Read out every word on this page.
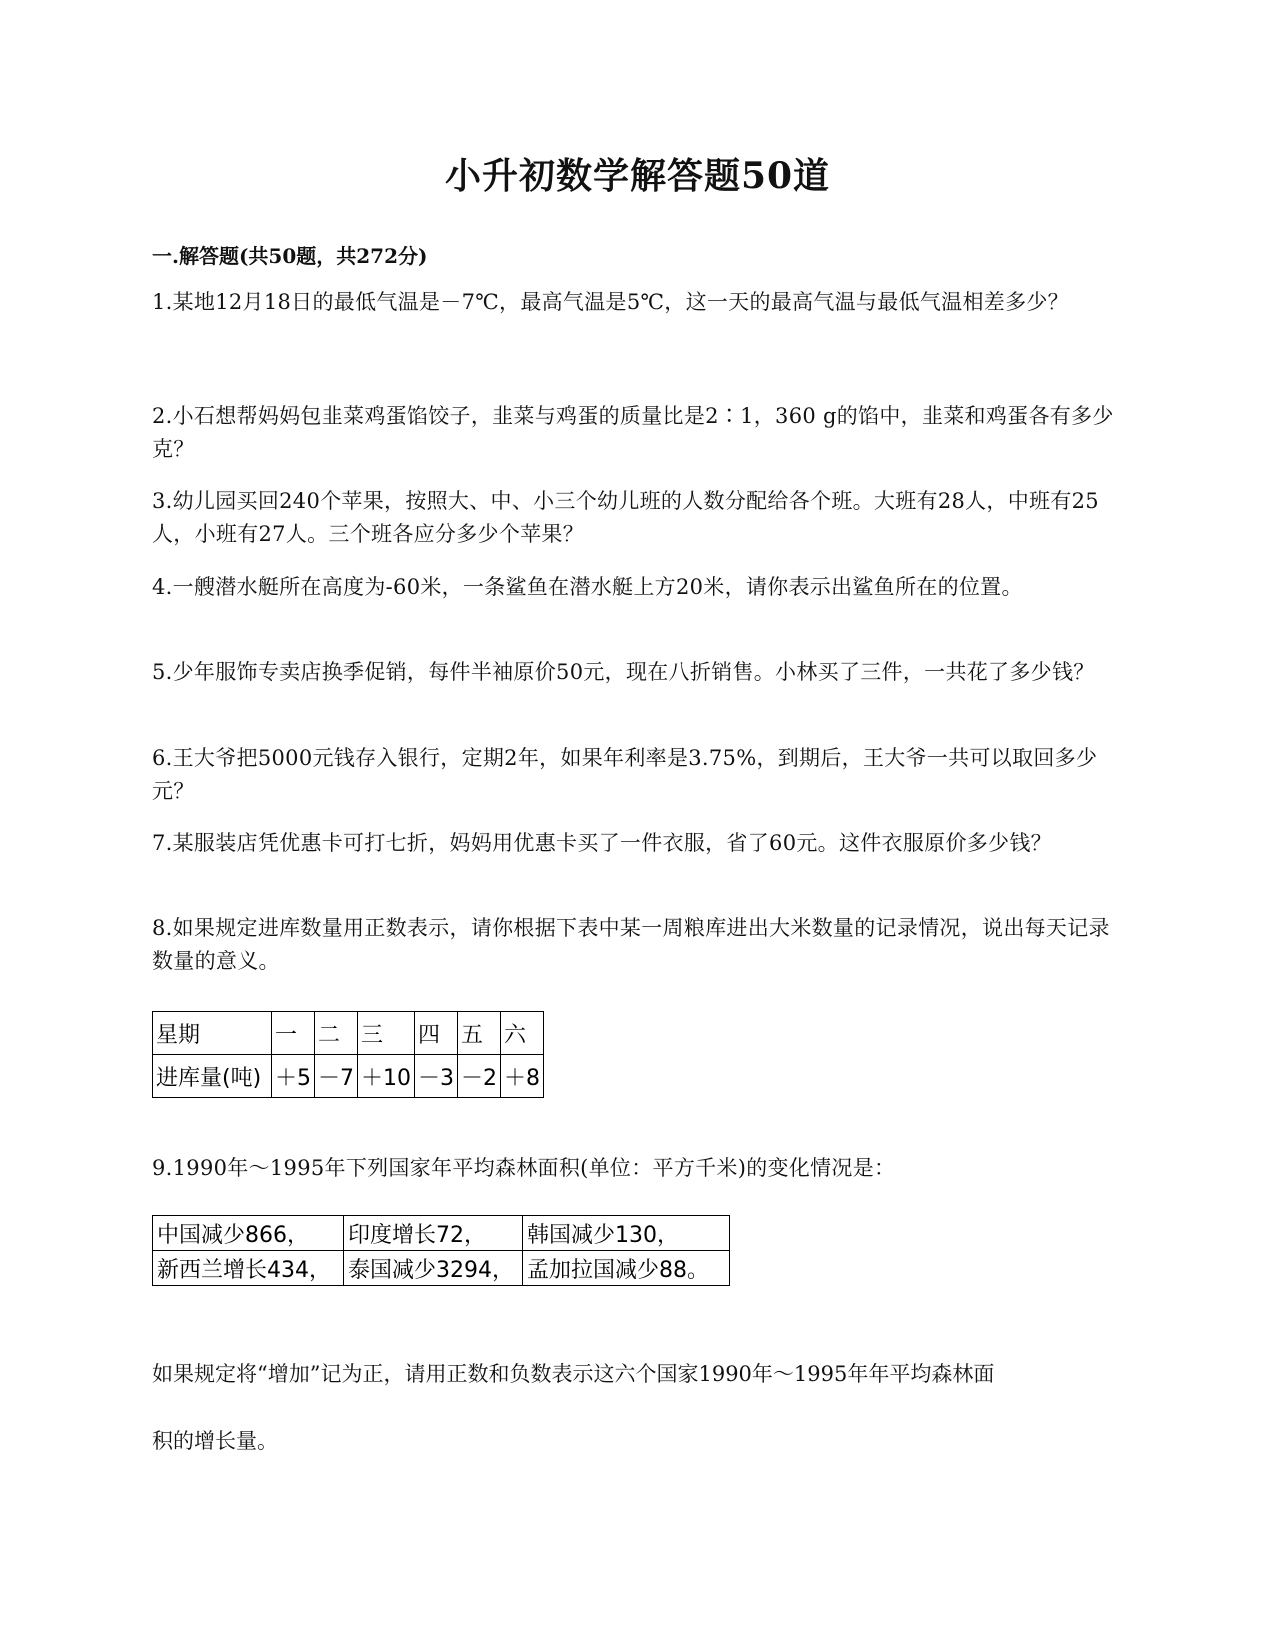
小升初数学解答题50道
一.解答题(共50题，共272分)
1.某地12月18日的最低气温是－7℃，最高气温是5℃，这一天的最高气温与最低气温相差多少？
2.小石想帮妈妈包韭菜鸡蛋馅饺子，韭菜与鸡蛋的质量比是2∶1，360 g的馅中，韭菜和鸡蛋各有多少克？
3.幼儿园买回240个苹果，按照大、中、小三个幼儿班的人数分配给各个班。大班有28人，中班有25人，小班有27人。三个班各应分多少个苹果？
4.一艘潜水艇所在高度为-60米，一条鲨鱼在潜水艇上方20米，请你表示出鲨鱼所在的位置。
5.少年服饰专卖店换季促销，每件半袖原价50元，现在八折销售。小林买了三件，一共花了多少钱？
6.王大爷把5000元钱存入银行，定期2年，如果年利率是3.75%，到期后，王大爷一共可以取回多少元？
7.某服装店凭优惠卡可打七折，妈妈用优惠卡买了一件衣服，省了60元。这件衣服原价多少钱？
8.如果规定进库数量用正数表示，请你根据下表中某一周粮库进出大米数量的记录情况，说出每天记录数量的意义。
星期	一	二	三	四	五	六
进库量(吨)	＋5	－7	＋10	－3	－2	＋8
9.1990年～1995年下列国家年平均森林面积(单位：平方千米)的变化情况是：
中国减少866，	印度增长72，	韩国减少130，
新西兰增长434，	泰国减少3294，	孟加拉国减少88。
如果规定将“增加”记为正，请用正数和负数表示这六个国家1990年～1995年年平均森林面
积的增长量。
